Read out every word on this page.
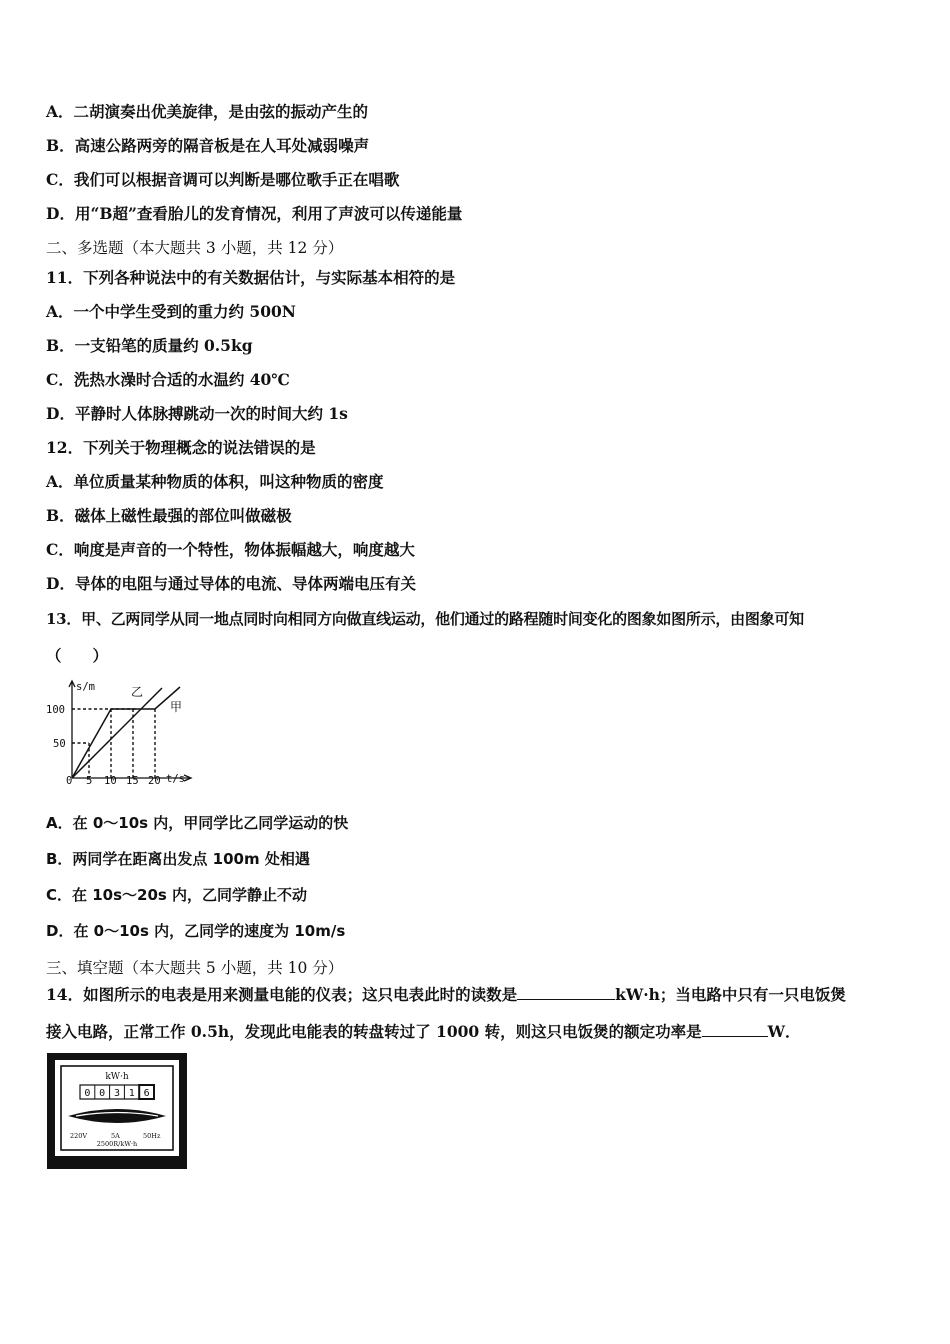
A．二胡演奏出优美旋律，是由弦的振动产生的
B．高速公路两旁的隔音板是在人耳处减弱噪声
C．我们可以根据音调可以判断是哪位歌手正在唱歌
D．用“B超”查看胎儿的发育情况，利用了声波可以传递能量
二、多选题（本大题共 3 小题，共 12 分）
11．下列各种说法中的有关数据估计，与实际基本相符的是
A．一个中学生受到的重力约 500N
B．一支铅笔的质量约 0.5kg
C．洗热水澡时合适的水温约 40℃
D．平静时人体脉搏跳动一次的时间大约 1s
12．下列关于物理概念的说法错误的是
A．单位质量某种物质的体积，叫这种物质的密度
B．磁体上磁性最强的部位叫做磁极
C．响度是声音的一个特性，物体振幅越大，响度越大
D．导体的电阻与通过导体的电流、导体两端电压有关
13．甲、乙两同学从同一地点同时向相同方向做直线运动，他们通过的路程随时间变化的图象如图所示，由图象可知
（　　）
s/m
t/s
100
50
0 5 10 15 20
乙
甲
A．在 0～10s 内，甲同学比乙同学运动的快
B．两同学在距离出发点 100m 处相遇
C．在 10s～20s 内，乙同学静止不动
D．在 0～10s 内，乙同学的速度为 10m/s
三、填空题（本大题共 5 小题，共 10 分）
14．如图所示的电表是用来测量电能的仪表；这只电表此时的读数是	kW·h；当电路中只有一只电饭煲
接入电路，正常工作 0.5h，发现此电能表的转盘转过了 1000 转，则这只电饭煲的额定功率是	W．
kW·h
0 0 3 1 6
220V	5A	50Hz
2500R/kW·h
